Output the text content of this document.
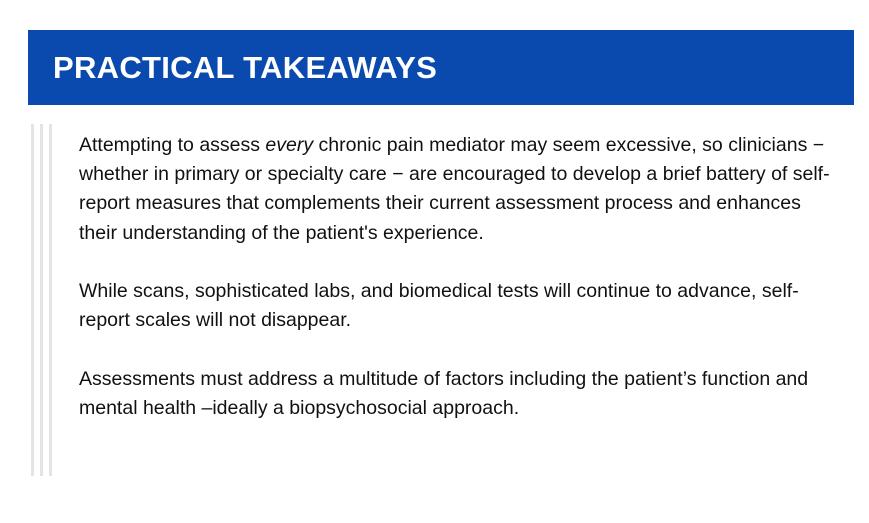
PRACTICAL TAKEAWAYS

Attempting to assess every chronic pain mediator may seem excessive, so clinicians − whether in primary or specialty care − are encouraged to develop a brief battery of self-report measures that complements their current assessment process and enhances their understanding of the patient's experience.

While scans, sophisticated labs, and biomedical tests will continue to advance, self-report scales will not disappear.

Assessments must address a multitude of factors including the patient’s function and mental health –ideally a biopsychosocial approach.
